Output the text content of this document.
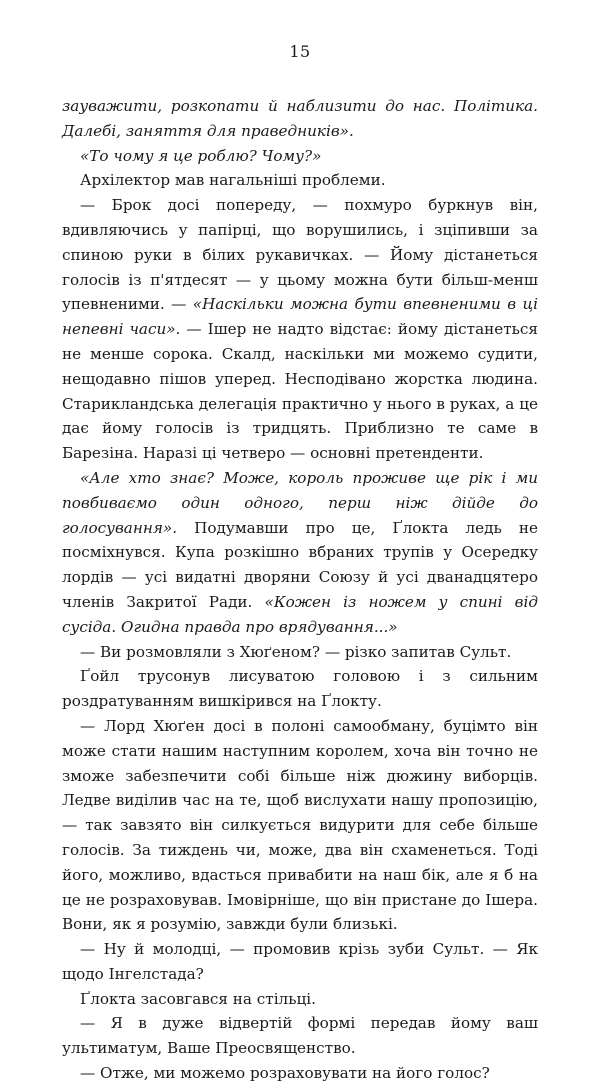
15

зауважити, розкопати й наблизити до нас. Політика. Далебі, заняття для праведників».

«То чому я це роблю? Чому?»

Архілектор мав нагальніші проблеми.

— Брок досі попереду, — похмуро буркнув він, вдивляючись у папірці, що ворушились, і зціпивши за спиною руки в білих рукавичках. — Йому дістанеться голосів із п'ятдесят — у цьому можна бути більш-менш упевненими. — «Наскільки можна бути впевненими в ці непевні часи». — Ішер не надто відстає: йому дістанеться не менше сорока. Скалд, наскільки ми можемо судити, нещодавно пішов уперед. Несподівано жорстка людина. Старикландська делегація практично у нього в руках, а це дає йому голосів із тридцять. Приблизно те саме в Барезіна. Наразі ці четверо — основні претенденти.

«Але хто знає? Може, король проживе ще рік і ми повбиваємо один одного, перш ніж дійде до голосування». Подумавши про це, Ґлокта ледь не посміхнувся. Купа розкішно вбраних трупів у Осередку лордів — усі видатні дворяни Союзу й усі дванадцятеро членів Закритої Ради. «Кожен із ножем у спині від сусіда. Огидна правда про врядування...»

— Ви розмовляли з Хюґеном? — різко запитав Сульт.

Ґойл трусонув лисуватою головою і з сильним роздратуванням вишкірився на Ґлокту.

— Лорд Хюґен досі в полоні самообману, буцімто він може стати нашим наступним королем, хоча він точно не зможе забезпечити собі більше ніж дюжину виборців. Ледве виділив час на те, щоб вислухати нашу пропозицію, — так завзято він силкується видурити для себе більше голосів. За тиждень чи, може, два він схаменеться. Тоді його, можливо, вдасться привабити на наш бік, але я б на це не розраховував. Імовірніше, що він пристане до Ішера. Вони, як я розумію, завжди були близькі.

— Ну й молодці, — промовив крізь зуби Сульт. — Як щодо Інгелстада?

Ґлокта засовгався на стільці.

— Я в дуже відвертій формі передав йому ваш ультиматум, Ваше Преосвященство.

— Отже, ми можемо розраховувати на його голос?
